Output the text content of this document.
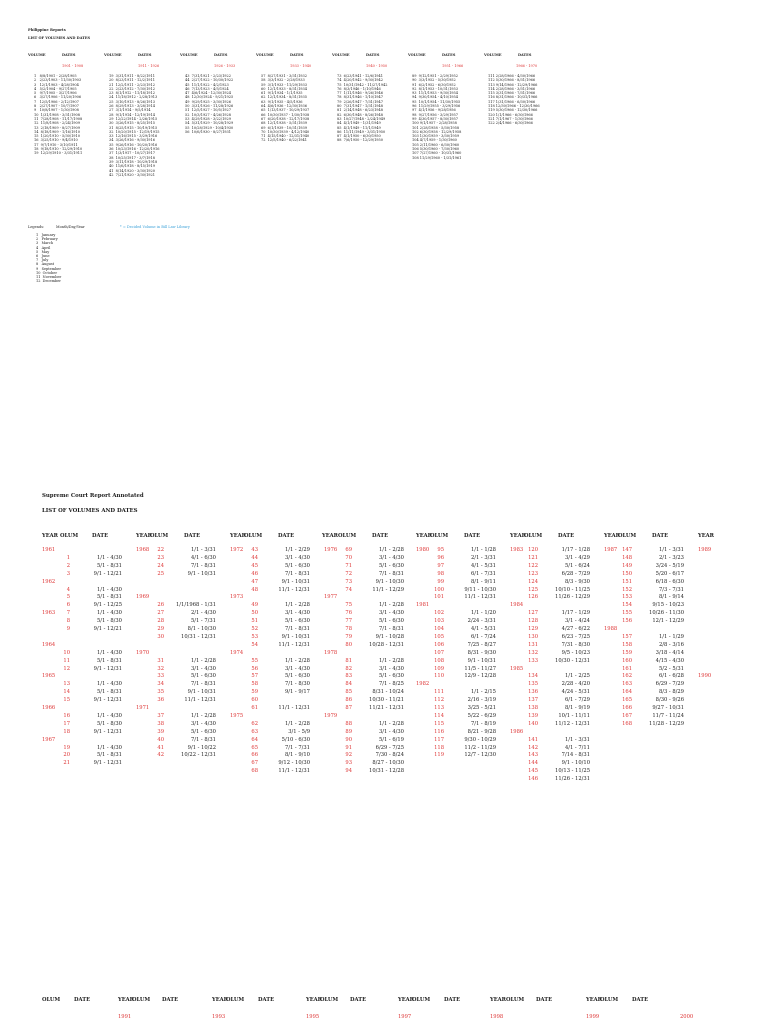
Philippine Reports
LIST OF VOLUMES AND DATES
VOLUME	DATES	VOLUME	DATES	VOLUME	DATES	VOLUME	DATES	VOLUME	DATES	VOLUME	DATES	VOLUME	DATES
1901 - 1908	1911 - 1926	1926 - 1933	1933 - 1940	1940 - 1950	1951 - 1966	1966 - 1970
1   8/8/1901 - 2/28/1905
2   2/23/1903 - 11/30/1903
3   12/1/1903 - 4/28/1904
4   5/2/1904 - 9/27/1905
5   9/7/1905 - 3/27/1906
6   3/27/1906 - 11/20/1906
7   12/5/1906 - 2/12/1907
8   2/27/1907 - 10/7/1907
9   10/8/1907 - 1/30/1908
10  1/31/1908 - 3/31/1908
11  7/28/1908 - 11/17/1908
12  11/8/1908 - 2/24/1909
13  2/18/1909 - 8/27/1909
14  8/18/1909 - 1/16/1910
15  1/20/1910 - 5/30/1910
16  3/25/1910 - 9/4/1910
17  9/7/1910 - 3/10/1911
18  9/18/1910 - 12/29/1910
19  12/29/1910 - 3/31/1911
19  3/31/1911 - 8/22/1911
20  8/23/1911 - 12/2/1911
21  12/2/1911 - 2/23/1912
22  2/23/1912 - 7/30/1912
23  8/1/1912 - 11/18/1912
24  11/18/1912 - 2/28/1913
25  3/10/1913 - 8/26/1913
26  8/29/1913 - 3/28/1914
27  3/1/1914 - 9/5/1914
28  9/1/1914 - 12/19/1914
29  12/22/1914 - 2/26/1915
30  3/26/1915 - 8/25/1915
31  8/25/1915 - 10/19/1915
32  10/20/1915 - 12/19/1915
33  12/16/1915 - 3/29/1916
34  3/26/1916 - 9/30/1916
35  9/26/1916 - 10/20/1916
36  10/23/1916 - 12/20/1916
37  1/3/1917 - 10/27/1917
38  10/25/1917 - 3/7/1918
39  3/11/1918 - 10/29/1918
40  11/6/1918 - 8/15/1919
41  8/14/1920 - 3/30/1920
42  7/21/1920 - 3/30/1921
43  7/31/1921 - 2/23/1922
44  2/27/1922 - 10/30/1922
45  11/1/1922 - 4/2/1923
46  7/13/1923 - 4/5/1924
47  4/6/1924 - 12/30/1924
48  12/30/1924 - 9/21/1925
49  9/29/1925 - 3/30/1926
50  3/31/1926 - 11/28/1926
51  12/5/1927 - 10/5/1927
52  10/3/1927 - 4/26/1928
53  4/29/1928 - 3/22/1929
54  5/31/1929 - 10/28/1929
55  10/28/1929 - 10/4/1930
56  10/6/1930 - 8/27/1931
57  8/27/1931 - 3/31/1932
58  3/3/1932 - 2/28/1933
59  3/1/1933 - 11/29/1933
60  12/1/1933 - 8/31/1934
61  9/1/1934 - 1/1/1935
62  12/1/1934 - 8/31/1935
63  9/1/1935 - 4/5/1936
64  4/6/1936 - 12/30/1936
65  1/13/1937 - 10/29/1937
66  10/30/1937 - 1/30/1938
67  6/20/1938 - 12/17/1938
68  12/1/1938 - 5/31/1939
69  6/1/1939 - 10/31/1939
70  10/30/1939 - 4/12/1940
71  4/15/1940 - 12/31/1940
72  12/5/1940 - 6/22/1941
73  6/23/1941 - 12/6/1941
74  4/20/1942 - 9/30/1942
75  10/31/1942 - 11/27/1942
76  8/3/1946 - 1/10/1946
77  1/11/1946 - 9/26/1946
78  8/31/1946 - 1/10/1947
79  2/26/1947 - 7/31/1947
80  7/31/1947 - 1/31/1948
81  2/14/1948 - 6/23/1948
82  6/30/1948 - 8/26/1948
83  10/27/1948 - 2/24/1949
84  4/1/1949 - 1/31/1949
85  4/1/1949 - 11/1/1949
86  11/11/1949 - 3/31/1950
87  4/1/1950 - 6/30/1950
88  7/6/1950 - 12/29/1950
89  9/12/1951 - 2/29/1952
90  3/3/1952 - 5/30/1952
91  6/2/1952 - 6/30/1952
92  8/1/1953 - 10/31/1953
93  11/1/1953 - 9/30/1954
94  9/30/1954 - 4/10/1954
95  10/1/1954 - 11/30/1955
96  11/29/1955 - 3/29/1956
97  4/1/1956 - 9/28/1956
98  9/27/1956 - 3/29/1957
99  4/30/1957 - 8/30/1957
100 9/1/1957 - 2/28/1958
101 2/28/1958 - 5/30/1958
102 6/30/1958 - 12/29/1958
103 1/30/1959 - 3/30/1959
104 4/7/1959 - 1/30/1960
105 2/11/1960 - 6/30/1960
106 5/30/1960 - 7/30/1960
107 7/27/1960 - 10/31/1960
108 11/29/1960 - 1/31/1961
111 2/28/1966 - 4/30/1966
112 5/30/1966 - 8/31/1966
113 9/14/1966 - 12/29/1966
114 2/28/1966 - 3/31/1966
115 3/31/1966 - 7/31/1966
116 8/31/1966 - 10/31/1966
117 1/31/1966 - 6/30/1966
118 12/30/1966 - 12/30/1966
119 5/30/1966 - 12/30/1966
120 1/1/1966 - 6/30/1966
121 7/1/1967 - 1/30/1966
122 2/4/1966 - 6/30/1966
Legends:	Month/Day/Year	* = Decided Volume in Bill Law Library
1   January
2   February
3   March
4   April
5   May
6   June
7   July
8   August
9   September
10  October
11  November
12  December
Supreme Court Report Annotated
LIST OF VOLUMES AND DATES
YEAR OLUM	DATE	YEAR
OLUM	DATE	YEAR
OLUM	DATE	YEAR OLUM	DATE	YEAR
OLUM	DATE	YEAR
OLUM	DATE	YEAR
OLUM	DATE	YEAR
1961
1	1/1 - 4/30
2	5/1 - 8/31
3	9/1 - 12/21
1962
4	1/1 - 4/30
5	5/1 - 8/31
6	9/1 - 12/25
1963	7	1/1 - 4/30
8	5/1 - 8/30
9	9/1 - 12/21
1964
10	1/1 - 4/30
11	5/1 - 8/31
12	9/1 - 12/31
1965
13	1/1 - 4/30
14	5/1 - 8/31
15	9/1 - 12/31
1966
16	1/1 - 4/30
17	5/1 - 8/30
18	9/1 - 12/31
1967
19	1/1 - 4/30
20	5/1 - 8/31
21	9/1 - 12/31
1968	22	1/1 - 3/31
23	4/1 - 6/30
24	7/1 - 8/31
25	9/1 - 10/31
1969
26	1/1/1968 - 1/31
27	2/1 - 4/30
28	5/1 - 7/31
29	8/1 - 10/30
30	10/31 - 12/31
1970
31	1/1 - 2/28
32	3/1 - 4/30
33	5/1 - 6/30
34	7/1 - 8/31
35	9/1 - 10/31
36	11/1 - 12/31
1971
37	1/1 - 2/28
38	3/1 - 4/30
39	5/1 - 6/30
40	7/1 - 8/31
41	9/1 - 10/22
42	10/22 - 12/31
1972	43	1/1 - 2/29
44	3/1 - 4/30
45	5/1 - 6/30
46	7/1 - 8/31
47	9/1 - 10/31
48	11/1 - 12/31
1973
49	1/1 - 2/28
50	3/1 - 4/30
51	5/1 - 6/30
52	7/1 - 8/31
53	9/1 - 10/31
54	11/1 - 12/31
1974
55	1/1 - 2/28
56	3/1 - 4/30
57	5/1 - 6/30
58	7/1 - 8/30
59	9/1 - 9/17
60
61	11/1 - 12/31
1975
62	1/1 - 2/28
63	3/1 - 5/9
64	5/10 - 6/30
65	7/1 - 7/31
66	8/1 - 9/10
67	9/12 - 10/30
68	11/1 - 12/31
1976	69	1/1 - 2/28
70	3/1 - 4/30
71	5/1 - 6/30
72	7/1 - 8/31
73	9/1 - 10/30
74	11/1 - 12/29
1977
75	1/1 - 2/28
76	3/1 - 4/30
77	5/1 - 6/30
78	7/1 - 8/31
79	9/1 - 10/28
80	10/28 - 12/31
1978
81	1/1 - 2/28
82	3/1 - 4/30
83	5/1 - 6/30
84	7/1 - 8/25
85	8/31 - 10/24
86	10/30 - 11/21
87	11/21 - 12/31
1979
88	1/1 - 2/28
89	3/1 - 4/30
90	5/1 - 6/19
91	6/29 - 7/25
92	7/30 - 8/24
93	8/27 - 10/30
94	10/31 - 12/28
1980	95	1/1 - 1/28
96	2/1 - 3/31
97	4/1 - 5/31
98	6/1 - 7/31
99	8/1 - 9/11
100	9/11 - 10/30
101	11/1 - 12/31
1981
102	1/1 - 1/20
103	2/24 - 3/31
104	4/1 - 5/31
105	6/1 - 7/24
106	7/25 - 8/27
107	8/31 - 9/30
108	9/1 - 10/31
109	11/5 - 11/27
110	12/9 - 12/28
1982
111	1/1 - 2/15
112	2/16 - 3/19
113	3/25 - 5/21
114	5/22 - 6/29
115	7/1 - 8/19
116	8/21 - 9/28
117	9/30 - 10/29
118	11/2 - 11/29
119	12/7 - 12/30
1983 120	1/17 - 1/28
121	3/1 - 4/29
122	5/1 - 6/24
123	6/28 - 7/29
124	8/3 - 9/30
125	10/10 - 11/25
126	11/26 - 12/29
1984
127	1/17 - 1/29
128	3/1 - 4/24
129	4/27 - 6/22
130	6/23 - 7/25
131	7/31 - 8/30
132	9/5 - 10/23
133	10/30 - 12/31
1985
134	1/1 - 2/25
135	2/28 - 4/20
136	4/24 - 5/31
137	6/1 - 7/29
138	8/1 - 9/19
139	10/1 - 11/11
140	11/12 - 12/31
1986
141	1/1 - 3/31
142	4/1 - 7/11
143	7/14 - 8/31
144	9/1 - 10/10
145	10/13 - 11/25
146	11/26 - 12/31
1987 147	1/1 - 3/31
148	2/1 - 3/23
149	3/24 - 5/19
150	5/20 - 6/17
151	6/18 - 6/30
152	7/3 - 7/31
153	8/1 - 9/14
154	9/15 - 10/23
155	10/26 - 11/30
156	12/1 - 12/29
1988
157	1/1 - 1/29
158	2/8 - 3/16
159	3/18 - 4/14
160	4/15 - 4/30
161	5/2 - 5/31
162	6/1 - 6/28
163	6/29 - 7/29
164	8/3 - 8/29
165	8/30 - 9/26
166	9/27 - 10/31
167	11/7 - 11/24
168	11/28 - 12/29
1989
1990
OLUM	DATE	YEAR
OLUM DATE	YEAR
OLUM	DATE	YEAR
OLUM DATE	YEAR
OLUM	DATE	YEAR OLUM DATE	YEAR
OLUM	DATE
1991	1993	1995	1997	1998	1999	2000
